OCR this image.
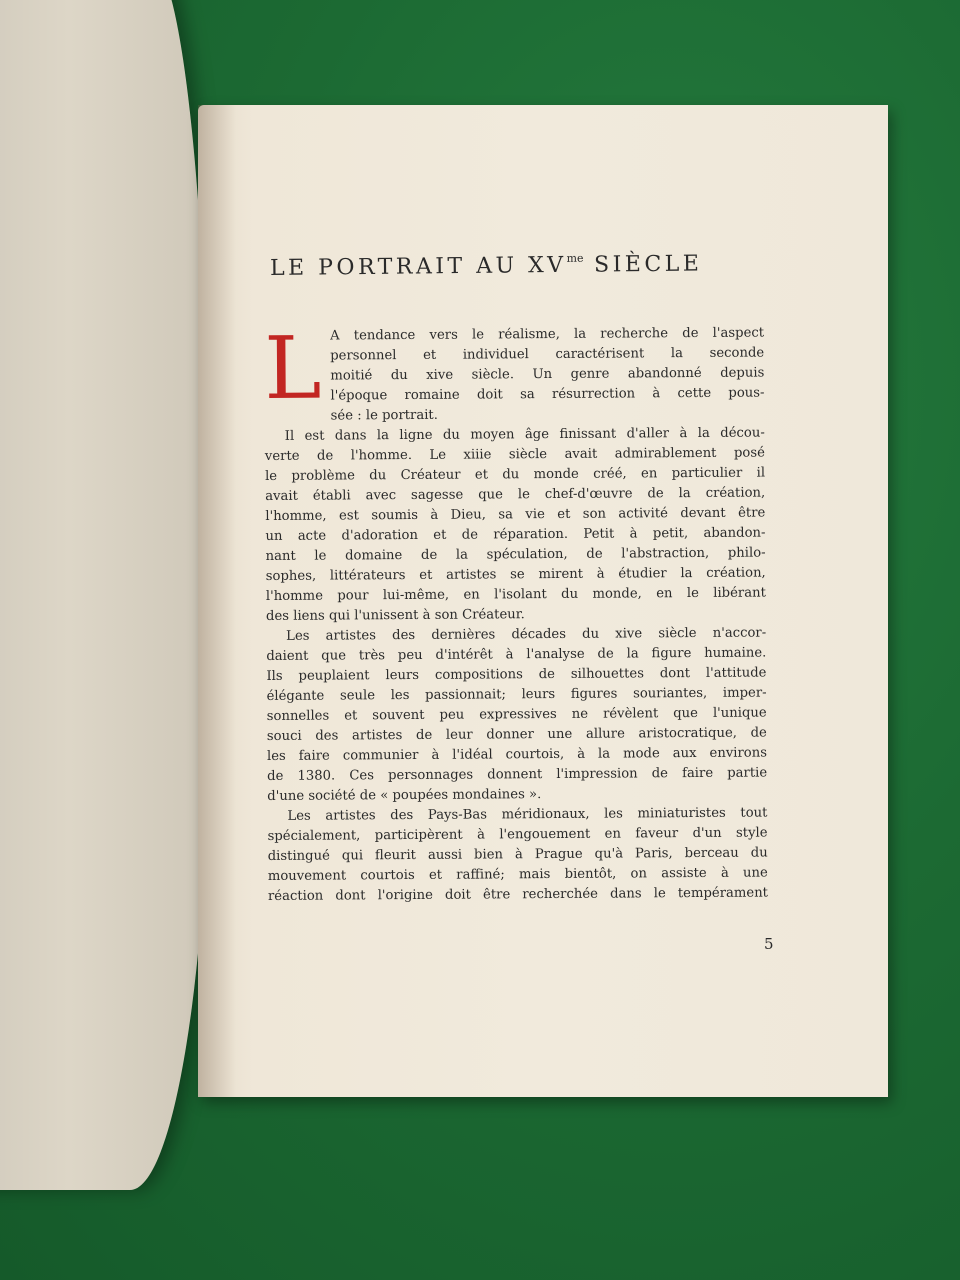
LE PORTRAIT AU $XV^{me}$ SIÈCLE
L A tendance vers le réalisme, la recherche de l'aspect
personnel et individuel caractérisent la seconde
moitié du xive siècle. Un genre abandonné depuis
l'époque romaine doit sa résurrection à cette pous-
sée : le portrait.
Il est dans la ligne du moyen âge finissant d'aller à la décou-
verte de l'homme. Le xiiie siècle avait admirablement posé
le problème du Créateur et du monde créé, en particulier il
avait établi avec sagesse que le chef-d'œuvre de la création,
l'homme, est soumis à Dieu, sa vie et son activité devant être
un acte d'adoration et de réparation. Petit à petit, abandon-
nant le domaine de la spéculation, de l'abstraction, philo-
sophes, littérateurs et artistes se mirent à étudier la création,
l'homme pour lui-même, en l'isolant du monde, en le libérant
des liens qui l'unissent à son Créateur.
Les artistes des dernières décades du xive siècle n'accor-
daient que très peu d'intérêt à l'analyse de la figure humaine.
Ils peuplaient leurs compositions de silhouettes dont l'attitude
élégante seule les passionnait; leurs figures souriantes, imper-
sonnelles et souvent peu expressives ne révèlent que l'unique
souci des artistes de leur donner une allure aristocratique, de
les faire communier à l'idéal courtois, à la mode aux environs
de 1380. Ces personnages donnent l'impression de faire partie
d'une société de « poupées mondaines ».
Les artistes des Pays-Bas méridionaux, les miniaturistes tout
spécialement, participèrent à l'engouement en faveur d'un style
distingué qui fleurit aussi bien à Prague qu'à Paris, berceau du
mouvement courtois et raffiné; mais bientôt, on assiste à une
réaction dont l'origine doit être recherchée dans le tempérament
5
